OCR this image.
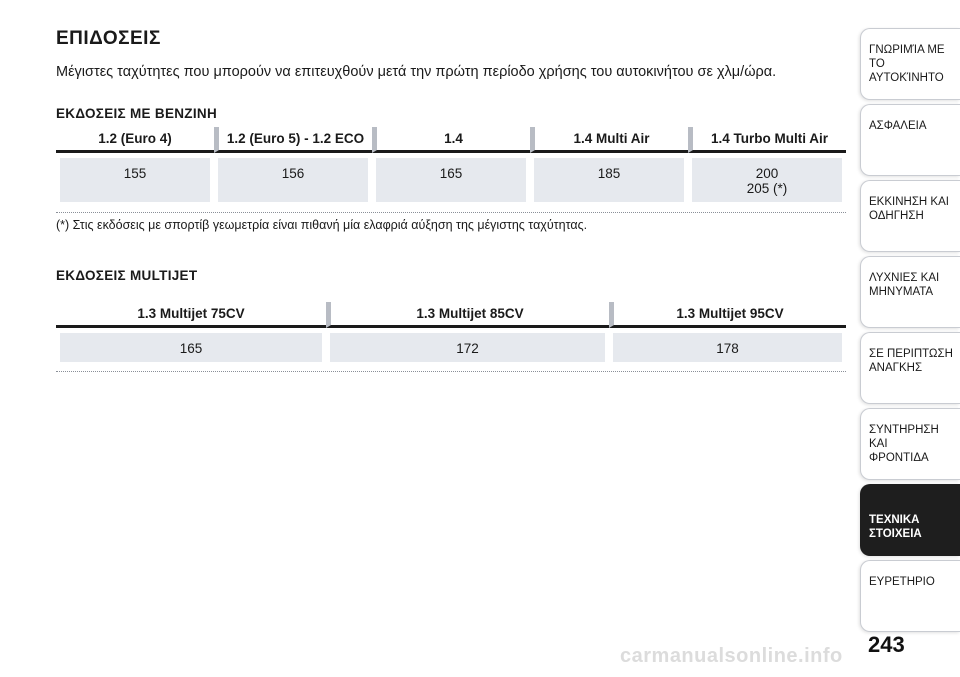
ΕΠΙΔΟΣΕΙΣ
Μέγιστες ταχύτητες που μπορούν να επιτευχθούν μετά την πρώτη περίοδο χρήσης του αυτοκινήτου σε χλμ/ώρα.
ΕΚΔΟΣΕΙΣ ΜΕ ΒΕΝΖΙΝΗ
1.2 (Euro 4)	1.2 (Euro 5) - 1.2 ECO	1.4	1.4 Multi Air	1.4 Turbo Multi Air
155	156	165	185	200
205 (*)
(*) Στις εκδόσεις με σπορτίβ γεωμετρία είναι πιθανή μία ελαφριά αύξηση της μέγιστης ταχύτητας.
ΕΚΔΟΣΕΙΣ MULTIJET
1.3 Multijet 75CV	1.3 Multijet 85CV	1.3 Multijet 95CV
165	172	178
ΓΝΩΡΙΜΊΑ ΜΕ ΤΟ
ΑΥΤΟΚΊΝΗΤΟ
ΑΣΦΑΛΕΙΑ
ΕΚΚΙΝΗΣΗ ΚΑΙ
ΟΔΗΓΗΣΗ
ΛΥΧΝΙΕΣ ΚΑΙ
ΜΗΝΥΜΑΤΑ
ΣΕ ΠΕΡΙΠΤΩΣΗ
ΑΝΑΓΚΗΣ
ΣΥΝΤΗΡΗΣΗ ΚΑΙ
ΦΡΟΝΤΙΔΑ
ΤΕΧΝΙΚΑ ΣΤΟΙΧΕΙΑ
ΕΥΡΕΤΗΡΙΟ
243
carmanualsonline.info
